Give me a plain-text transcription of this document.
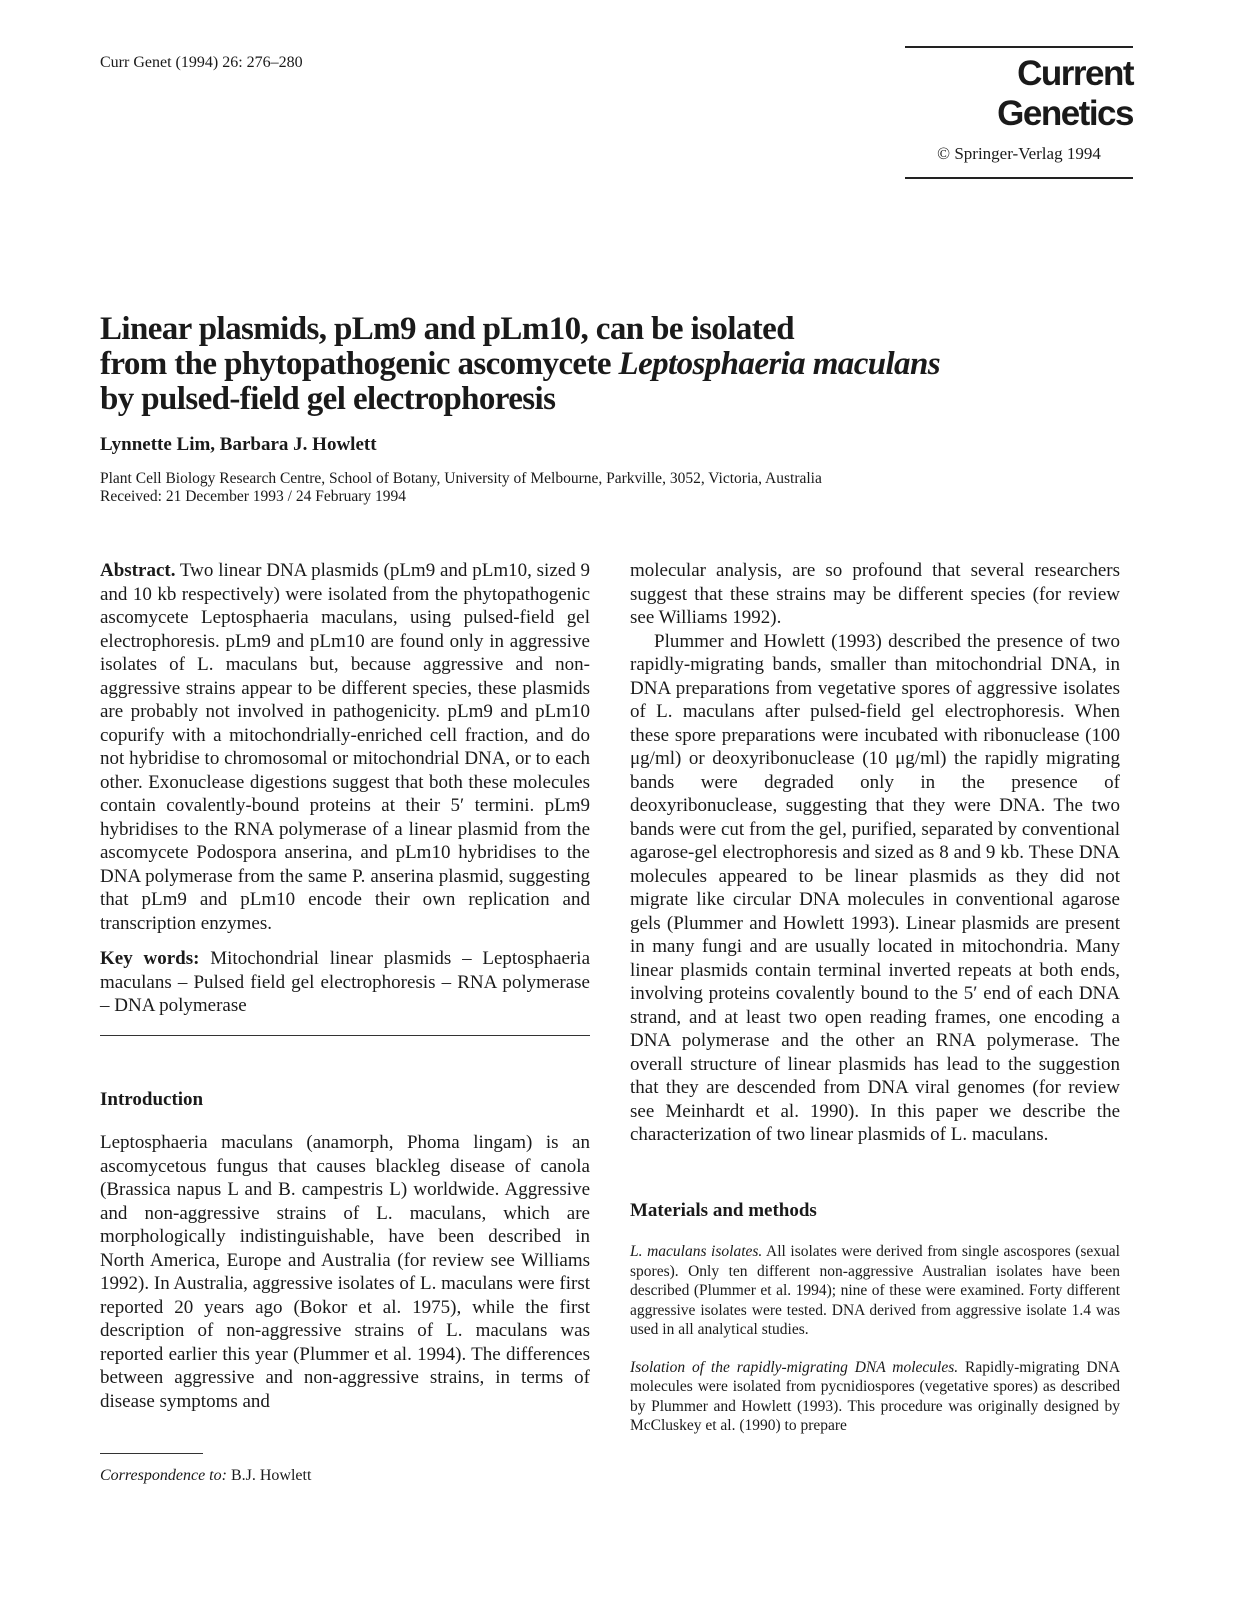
Curr Genet (1994) 26: 276–280	Current Genetics
© Springer-Verlag 1994
Linear plasmids, pLm9 and pLm10, can be isolated
from the phytopathogenic ascomycete Leptosphaeria maculans
by pulsed-field gel electrophoresis
Lynnette Lim, Barbara J. Howlett
Plant Cell Biology Research Centre, School of Botany, University of Melbourne, Parkville, 3052, Victoria, Australia
Received: 21 December 1993 / 24 February 1994

Abstract. Two linear DNA plasmids (pLm9 and pLm10, sized 9 and 10 kb respectively) were isolated from the phytopathogenic ascomycete Leptosphaeria maculans, using pulsed-field gel electrophoresis. pLm9 and pLm10 are found only in aggressive isolates of L. maculans but, because aggressive and non-aggressive strains appear to be different species, these plasmids are probably not involved in pathogenicity. pLm9 and pLm10 copurify with a mitochondrially-enriched cell fraction, and do not hybridise to chromosomal or mitochondrial DNA, or to each other. Exonuclease digestions suggest that both these molecules contain covalently-bound proteins at their 5′ termini. pLm9 hybridises to the RNA polymerase of a linear plasmid from the ascomycete Podospora anserina, and pLm10 hybridises to the DNA polymerase from the same P. anserina plasmid, suggesting that pLm9 and pLm10 encode their own replication and transcription enzymes.

Key words: Mitochondrial linear plasmids – Leptosphaeria maculans – Pulsed field gel electrophoresis – RNA polymerase – DNA polymerase

Introduction

Leptosphaeria maculans (anamorph, Phoma lingam) is an ascomycetous fungus that causes blackleg disease of canola (Brassica napus L and B. campestris L) worldwide. Aggressive and non-aggressive strains of L. maculans, which are morphologically indistinguishable, have been described in North America, Europe and Australia (for review see Williams 1992). In Australia, aggressive isolates of L. maculans were first reported 20 years ago (Bokor et al. 1975), while the first description of non-aggressive strains of L. maculans was reported earlier this year (Plummer et al. 1994). The differences between aggressive and non-aggressive strains, in terms of disease symptoms and

Correspondence to: B.J. Howlett

molecular analysis, are so profound that several researchers suggest that these strains may be different species (for review see Williams 1992).

Plummer and Howlett (1993) described the presence of two rapidly-migrating bands, smaller than mitochondrial DNA, in DNA preparations from vegetative spores of aggressive isolates of L. maculans after pulsed-field gel electrophoresis. When these spore preparations were incubated with ribonuclease (100 μg/ml) or deoxyribonuclease (10 μg/ml) the rapidly migrating bands were degraded only in the presence of deoxyribonuclease, suggesting that they were DNA. The two bands were cut from the gel, purified, separated by conventional agarose-gel electrophoresis and sized as 8 and 9 kb. These DNA molecules appeared to be linear plasmids as they did not migrate like circular DNA molecules in conventional agarose gels (Plummer and Howlett 1993). Linear plasmids are present in many fungi and are usually located in mitochondria. Many linear plasmids contain terminal inverted repeats at both ends, involving proteins covalently bound to the 5′ end of each DNA strand, and at least two open reading frames, one encoding a DNA polymerase and the other an RNA polymerase. The overall structure of linear plasmids has lead to the suggestion that they are descended from DNA viral genomes (for review see Meinhardt et al. 1990). In this paper we describe the characterization of two linear plasmids of L. maculans.

Materials and methods

L. maculans isolates. All isolates were derived from single ascospores (sexual spores). Only ten different non-aggressive Australian isolates have been described (Plummer et al. 1994); nine of these were examined. Forty different aggressive isolates were tested. DNA derived from aggressive isolate 1.4 was used in all analytical studies.

Isolation of the rapidly-migrating DNA molecules. Rapidly-migrating DNA molecules were isolated from pycnidiospores (vegetative spores) as described by Plummer and Howlett (1993). This procedure was originally designed by McCluskey et al. (1990) to prepare
